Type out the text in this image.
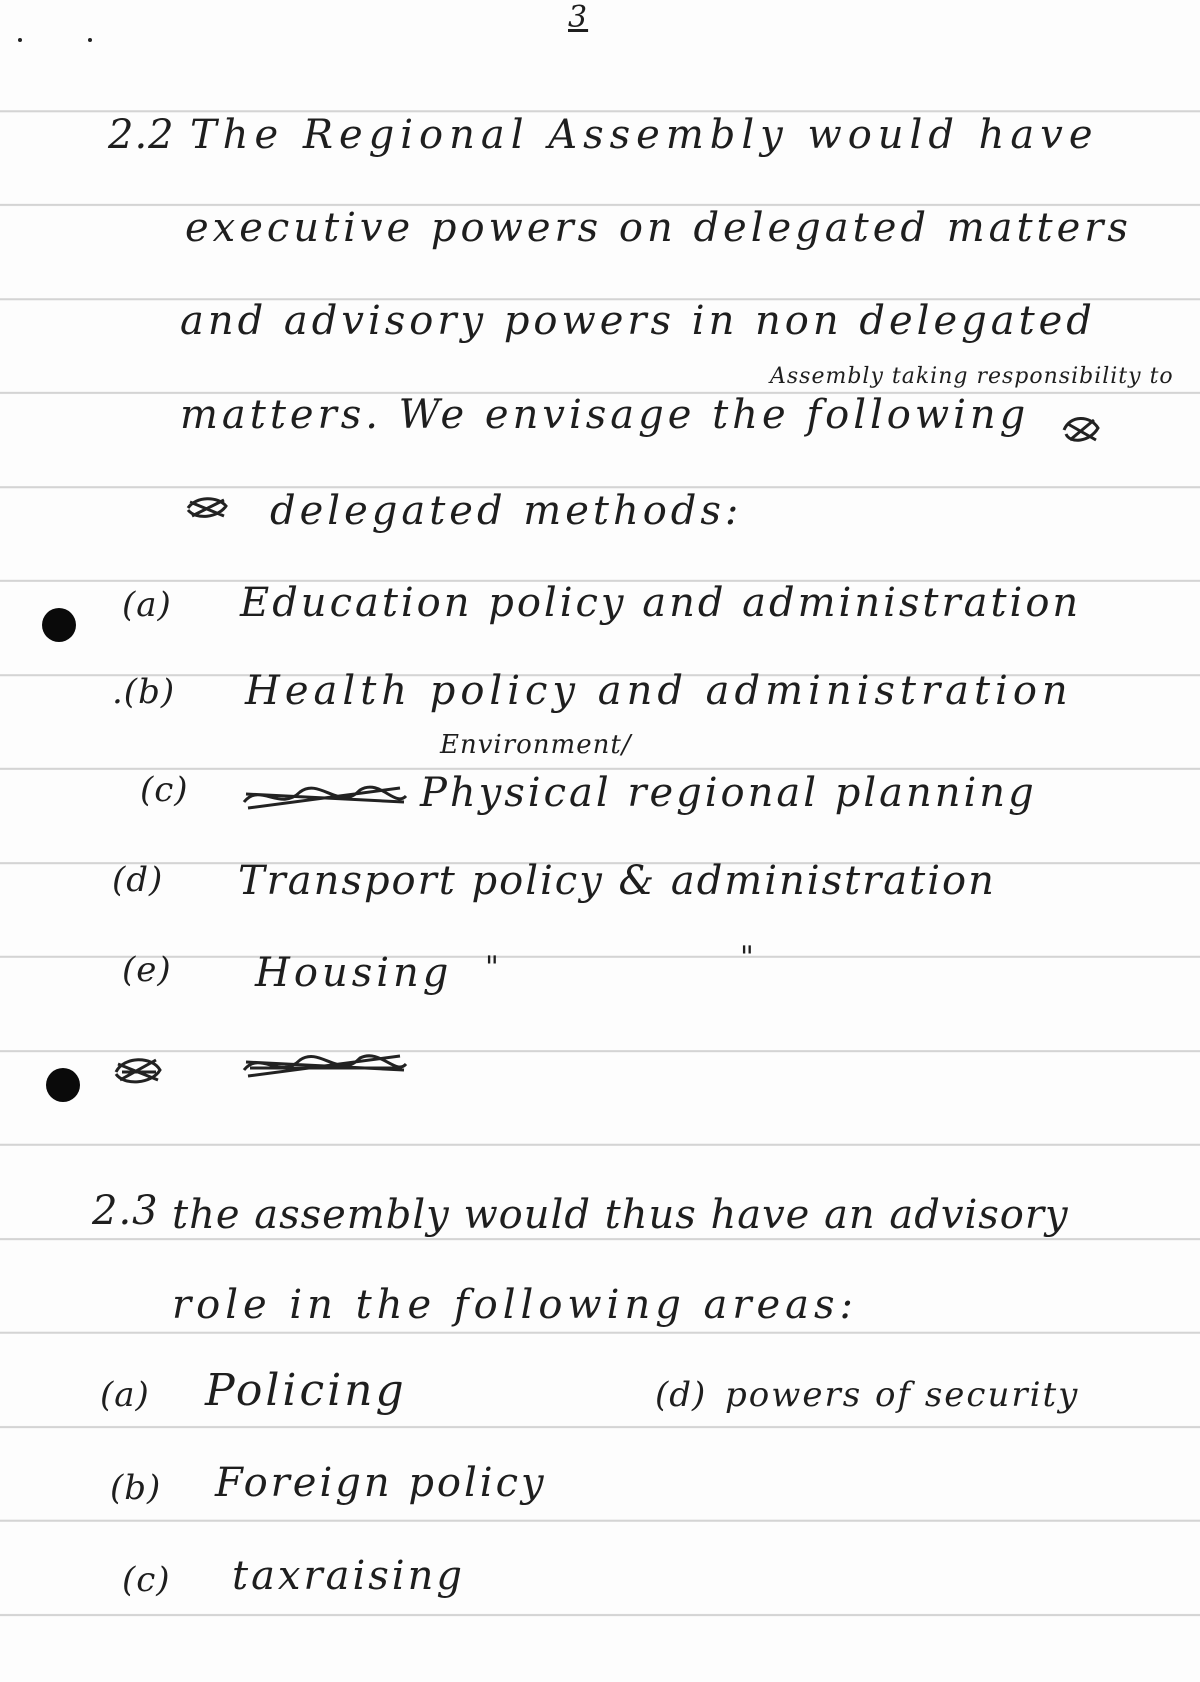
3
2.2 The Regional Assembly would have
executive powers on delegated matters
and advisory powers in non delegated
Assembly taking responsibility to
matters. We envisage the following
delegated methods:
(a) Education policy and administration
.(b) Health policy and administration
Environment/
(c)	Physical regional planning
(d) Transport policy & administration
(e) Housing "	"
2.3 the assembly would thus have an advisory
role in the following areas:
(a) Policing	(d) powers of security
(b) Foreign policy
(c) taxraising
